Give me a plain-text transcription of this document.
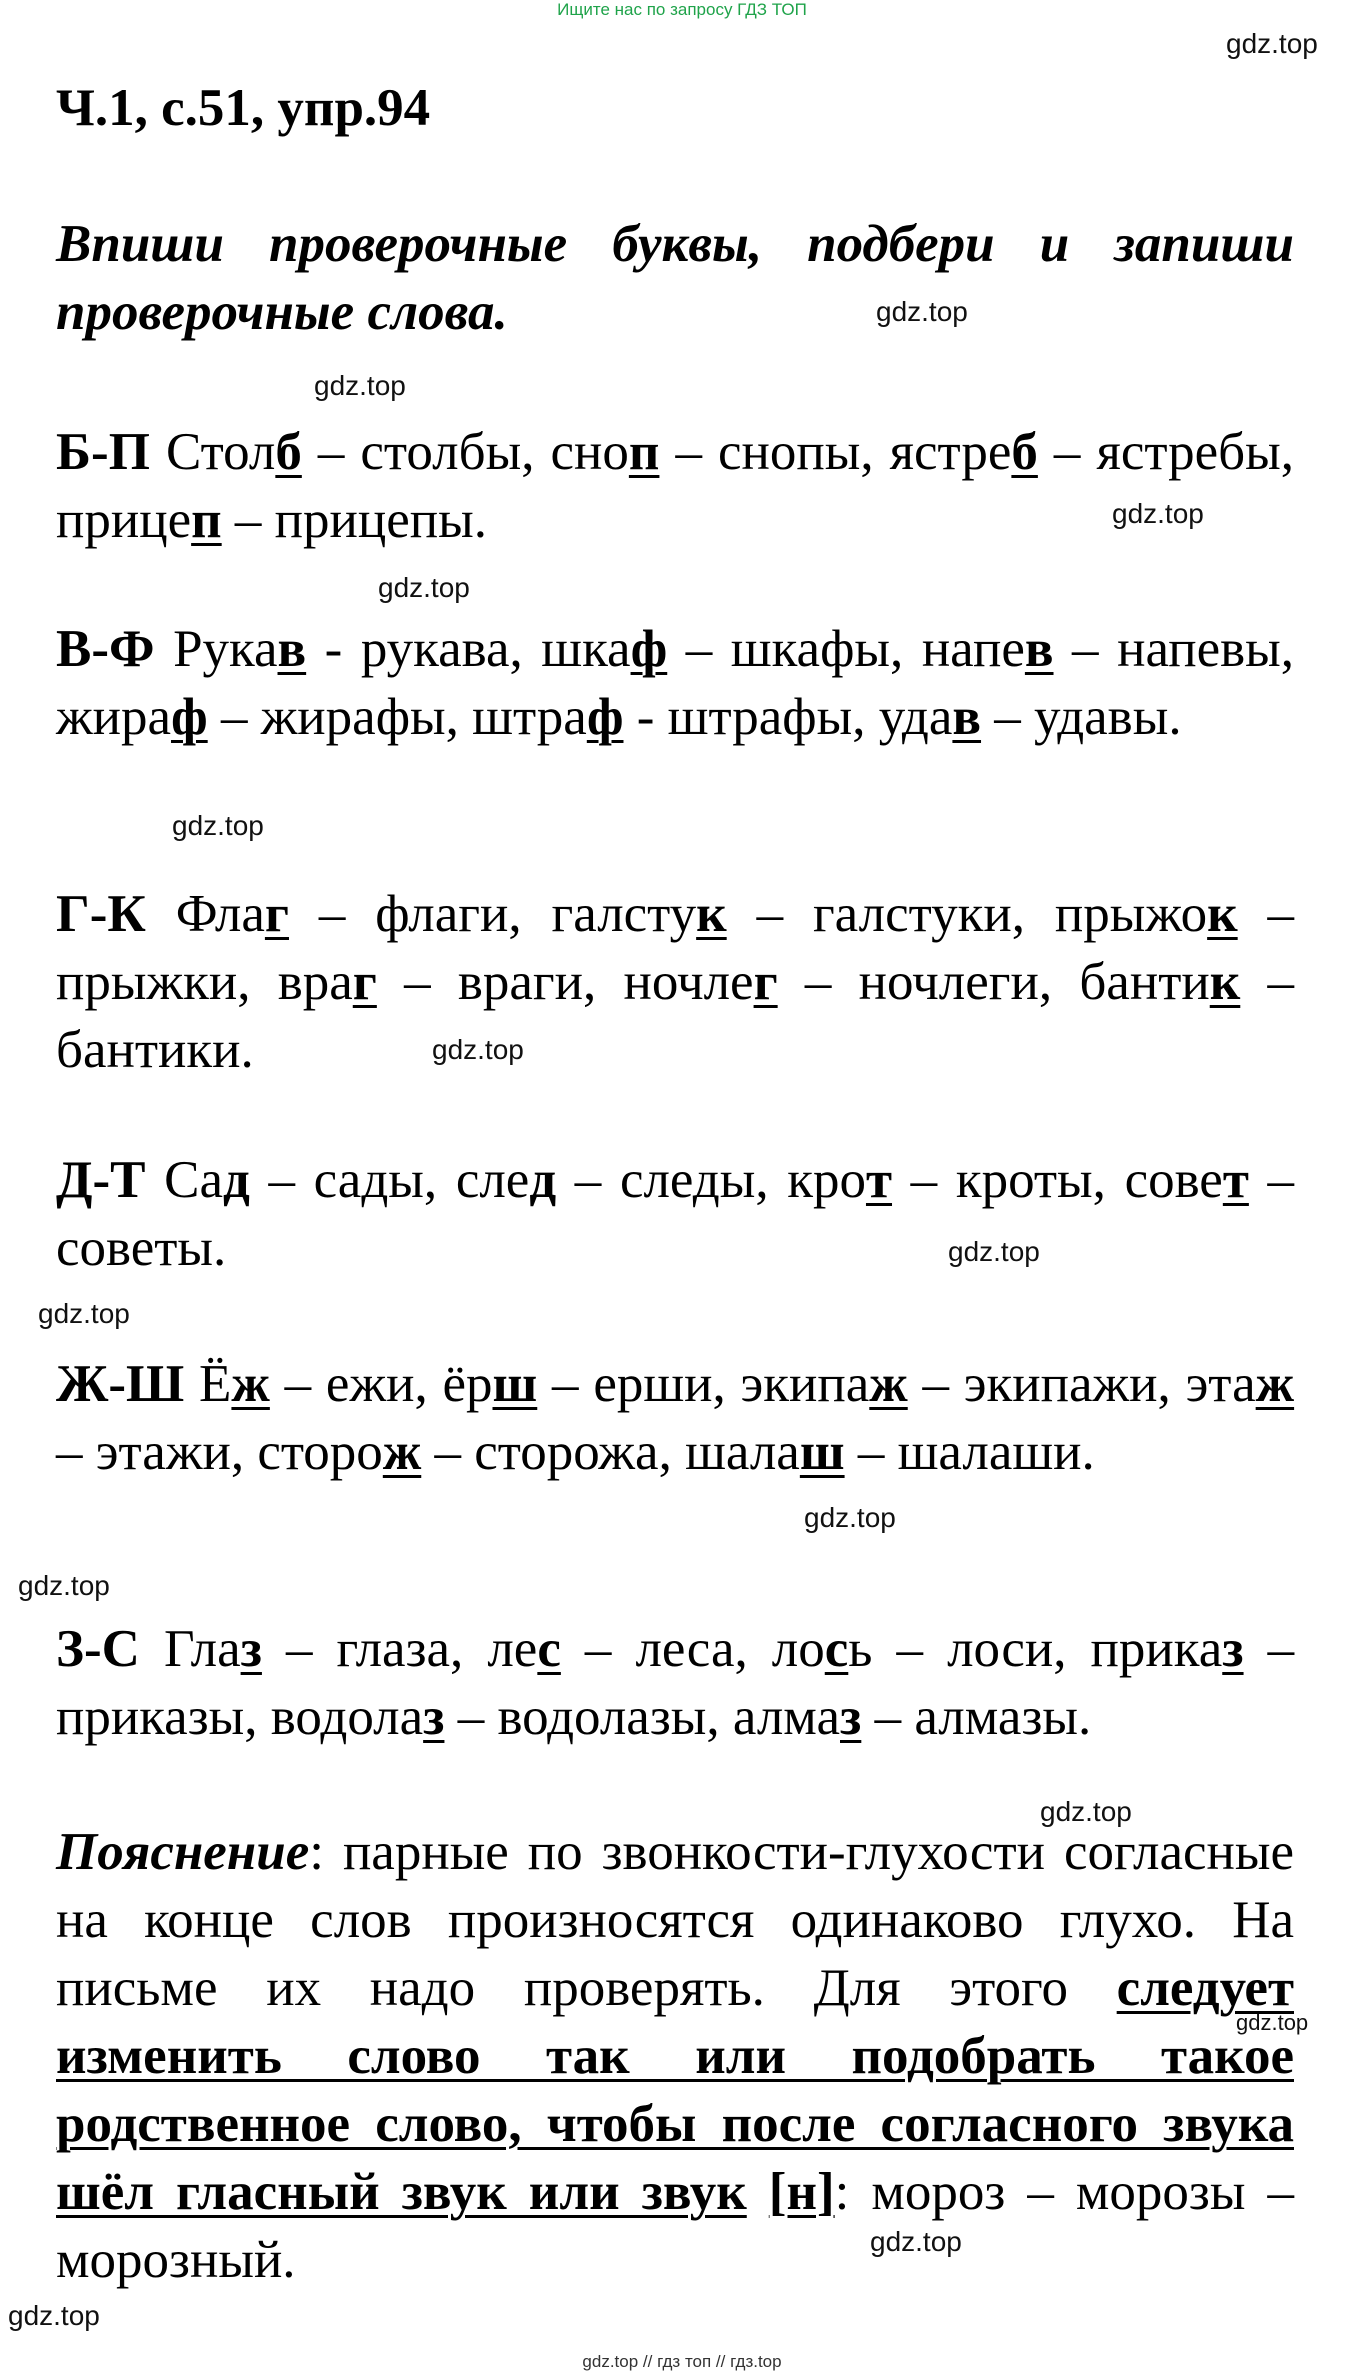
Ищите нас по запросу ГДЗ ТОП
Ч.1, с.51, упр.94
Впиши проверочные буквы, подбери и запиши проверочные слова.
Б-П Столб – столбы, сноп – снопы, ястреб – ястребы, прицеп – прицепы.
В-Ф Рукав - рукава, шкаф – шкафы, напев – напевы, жираф – жирафы, штраф - штрафы, удав – удавы.
Г-К Флаг – флаги, галстук – галстуки, прыжок – прыжки, враг – враги, ночлег – ночлеги, бантик – бантики.
Д-Т Сад – сады, след – следы, крот – кроты, совет – советы.
Ж-Ш Ёж – ежи, ёрш – ерши, экипаж – экипажи, этаж – этажи, сторож – сторожа, шалаш – шалаши.
З-С Глаз – глаза, лес – леса, лось – лоси, приказ – приказы, водолаз – водолазы, алмаз – алмазы.
Пояснение: парные по звонкости-глухости согласные на конце слов произносятся одинаково глухо. На письме их надо проверять. Для этого следует изменить слово так или подобрать такое родственное слово, чтобы после согласного звука шёл гласный звук или звук [н]: мороз – морозы – морозный.
gdz.top
gdz.top
gdz.top
gdz.top
gdz.top
gdz.top
gdz.top
gdz.top
gdz.top
gdz.top
gdz.top
gdz.top
gdz.top
gdz.top
gdz.top
gdz.top // гдз топ // гдз.top
